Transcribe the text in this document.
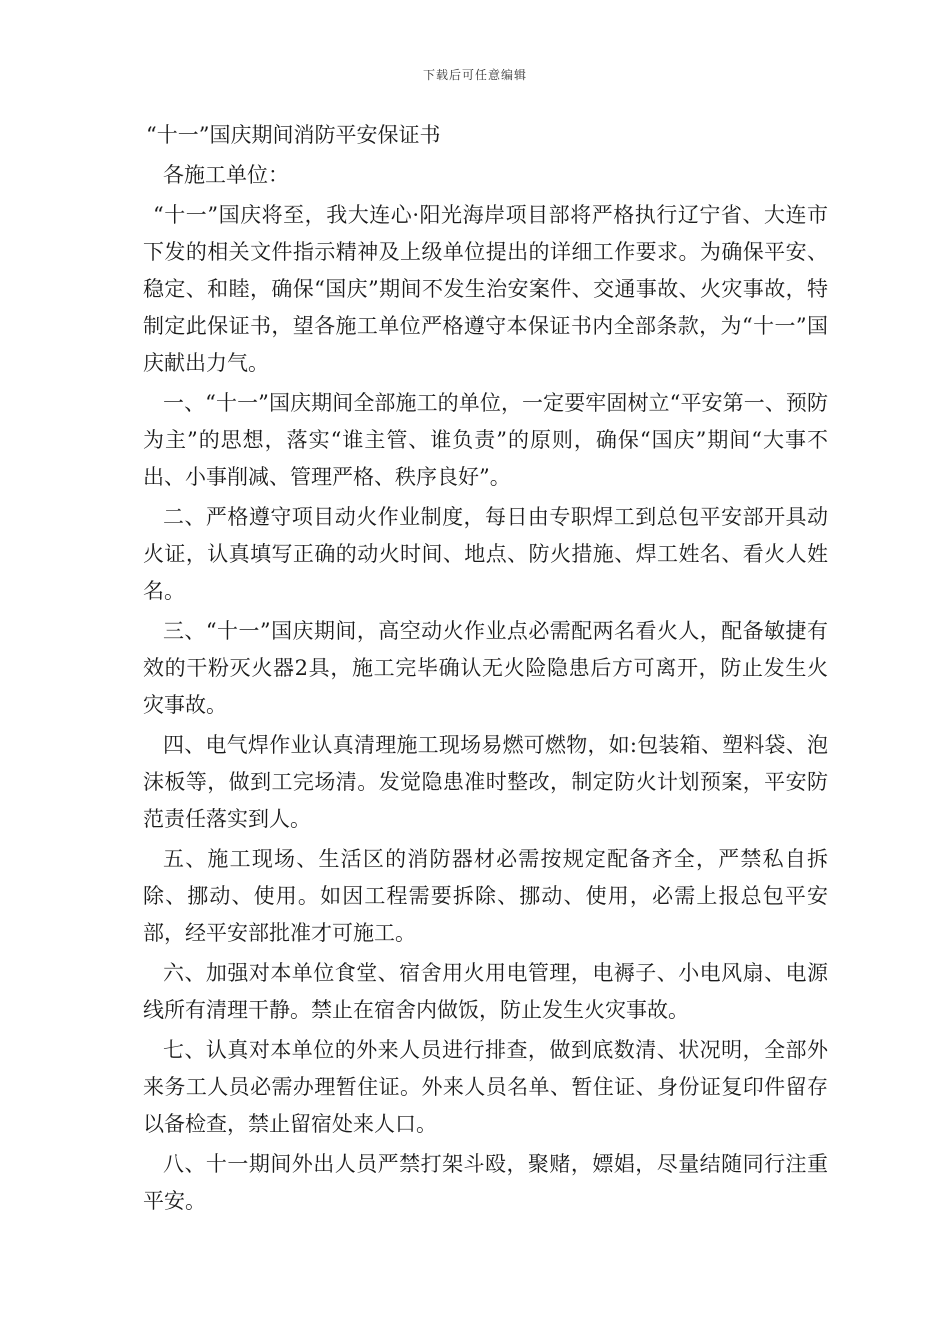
下载后可任意编辑
“十一”国庆期间消防平安保证书

各施工单位：

“十一”国庆将至，我大连心·阳光海岸项目部将严格执行辽宁省、大连市下发的相关文件指示精神及上级单位提出的详细工作要求。为确保平安、稳定、和睦，确保“国庆”期间不发生治安案件、交通事故、火灾事故，特制定此保证书，望各施工单位严格遵守本保证书内全部条款，为“十一”国庆献出力气。

一、“十一”国庆期间全部施工的单位，一定要牢固树立“平安第一、预防为主”的思想，落实“谁主管、谁负责”的原则，确保“国庆”期间“大事不出、小事削减、管理严格、秩序良好”。

二、严格遵守项目动火作业制度，每日由专职焊工到总包平安部开具动火证，认真填写正确的动火时间、地点、防火措施、焊工姓名、看火人姓名。

三、“十一”国庆期间，高空动火作业点必需配两名看火人，配备敏捷有效的干粉灭火器2具，施工完毕确认无火险隐患后方可离开，防止发生火灾事故。

四、电气焊作业认真清理施工现场易燃可燃物，如:包装箱、塑料袋、泡沫板等，做到工完场清。发觉隐患准时整改，制定防火计划预案，平安防范责任落实到人。

五、施工现场、生活区的消防器材必需按规定配备齐全，严禁私自拆除、挪动、使用。如因工程需要拆除、挪动、使用，必需上报总包平安部，经平安部批准才可施工。

六、加强对本单位食堂、宿舍用火用电管理，电褥子、小电风扇、电源线所有清理干静。禁止在宿舍内做饭，防止发生火灾事故。

七、认真对本单位的外来人员进行排查，做到底数清、状况明，全部外来务工人员必需办理暂住证。外来人员名单、暂住证、身份证复印件留存以备检查，禁止留宿处来人口。

八、十一期间外出人员严禁打架斗殴，聚赌，嫖娼，尽量结随同行注重平安。
